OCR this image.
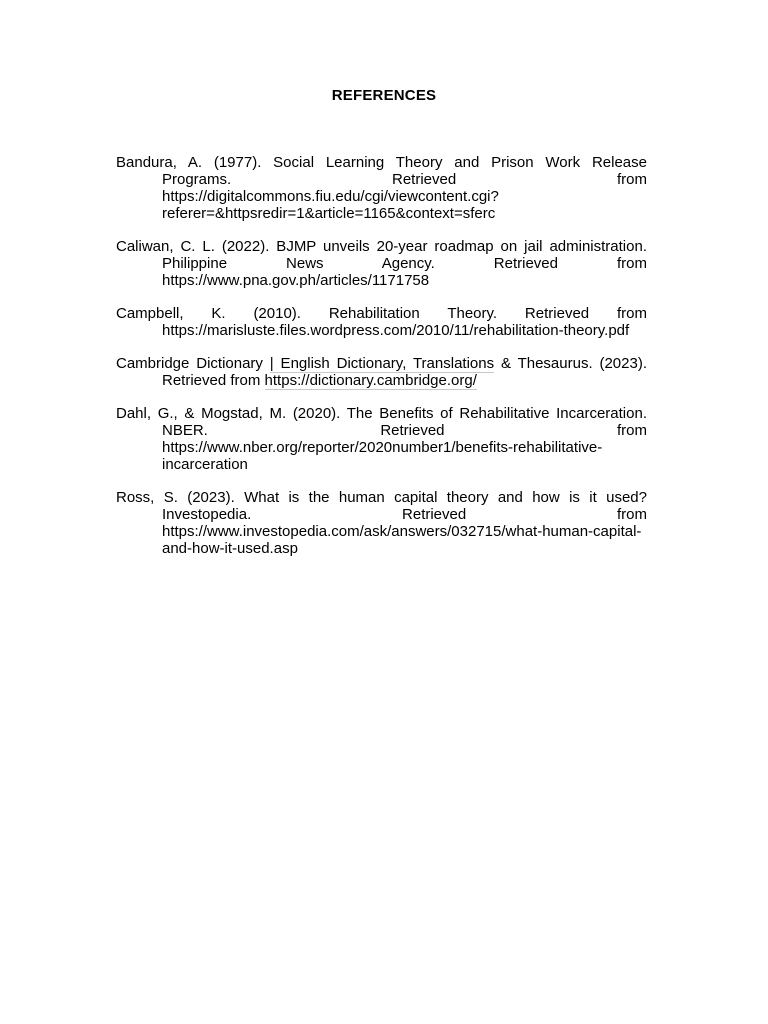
REFERENCES

Bandura, A. (1977). Social Learning Theory and Prison Work Release Programs. Retrieved from https://digitalcommons.fiu.edu/cgi/viewcontent.cgi?referer=&httpsredir=1&article=1165&context=sferc

Caliwan, C. L. (2022). BJMP unveils 20-year roadmap on jail administration. Philippine News Agency. Retrieved from https://www.pna.gov.ph/articles/1171758

Campbell, K. (2010). Rehabilitation Theory. Retrieved from https://marisluste.files.wordpress.com/2010/11/rehabilitation-theory.pdf

Cambridge Dictionary | English Dictionary, Translations & Thesaurus. (2023). Retrieved from https://dictionary.cambridge.org/

Dahl, G., & Mogstad, M. (2020). The Benefits of Rehabilitative Incarceration. NBER. Retrieved from https://www.nber.org/reporter/2020number1/benefits-rehabilitative-incarceration

Ross, S. (2023). What is the human capital theory and how is it used? Investopedia. Retrieved from https://www.investopedia.com/ask/answers/032715/what-human-capital-and-how-it-used.asp
